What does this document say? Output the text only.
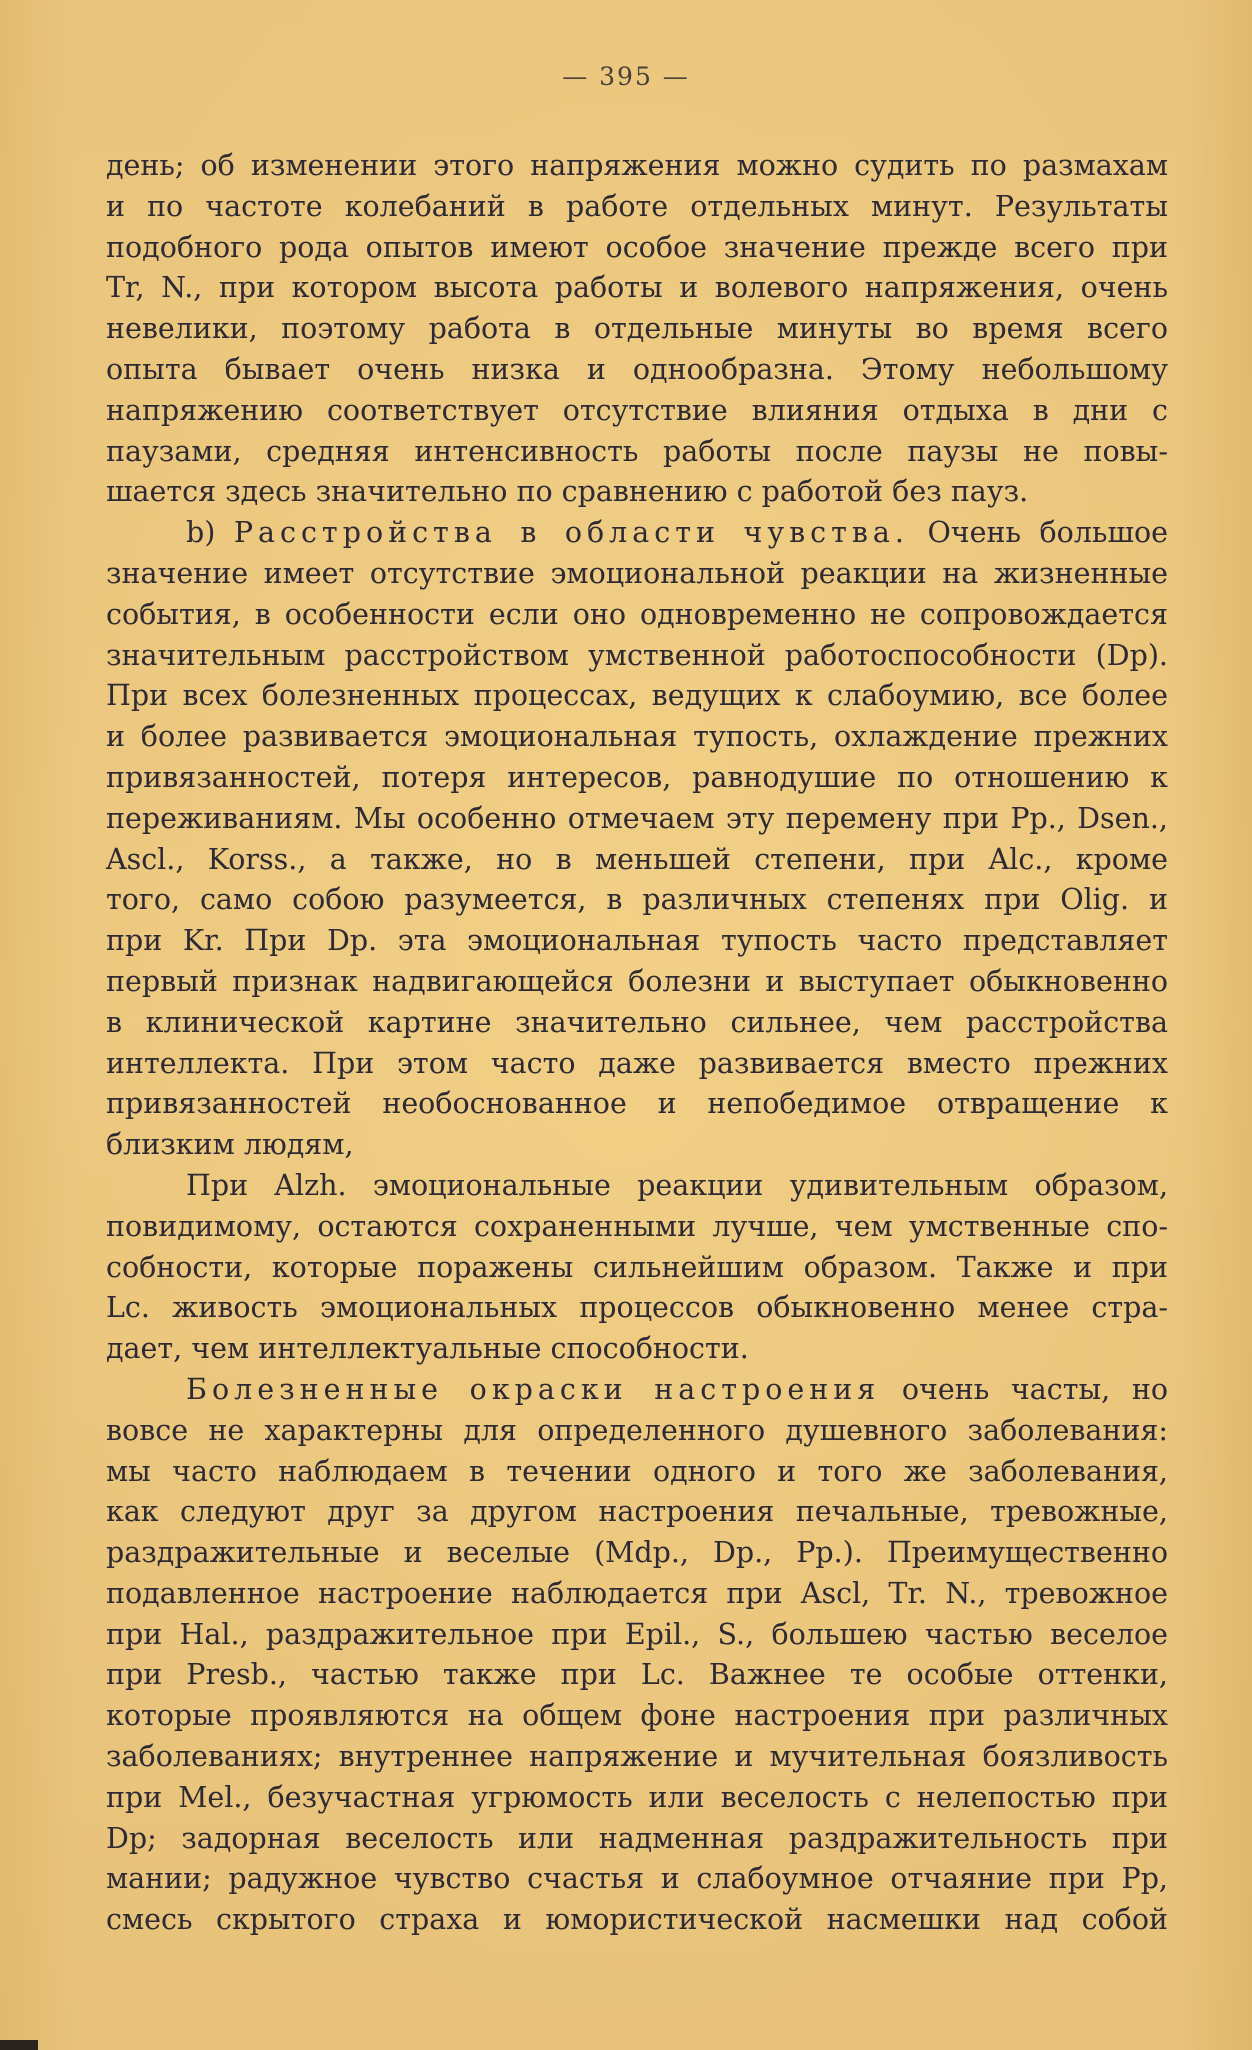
— 395 —
день; об изменении этого напряжения можно судить по размахам
и по частоте колебаний в работе отдельных минут. Результаты
подобного рода опытов имеют особое значение прежде всего при
Tr, N., при котором высота работы и волевого напряжения, очень
невелики, поэтому работа в отдельные минуты во время всего
опыта бывает очень низка и однообразна. Этому небольшому
напряжению соответствует отсутствие влияния отдыха в дни с
паузами, средняя интенсивность работы после паузы не повы-
шается здесь значительно по сравнению с работой без пауз.
b) Расстройства в области чувства. Очень большое
значение имеет отсутствие эмоциональной реакции на жизненные
события, в особенности если оно одновременно не сопровождается
значительным расстройством умственной работоспособности (Dp).
При всех болезненных процессах, ведущих к слабоумию, все более
и более развивается эмоциональная тупость, охлаждение прежних
привязанностей, потеря интересов, равнодушие по отношению к
переживаниям. Мы особенно отмечаем эту перемену при Pp., Dsen.,
Ascl., Korss., а также, но в меньшей степени, при Alc., кроме
того, само собою разумеется, в различных степенях при Olig. и
при Kr. При Dp. эта эмоциональная тупость часто представляет
первый признак надвигающейся болезни и выступает обыкновенно
в клинической картине значительно сильнее, чем расстройства
интеллекта. При этом часто даже развивается вместо прежних
привязанностей необоснованное и непобедимое отвращение к
близким людям,
При Alzh. эмоциональные реакции удивительным образом,
повидимому, остаются сохраненными лучше, чем умственные спо-
собности, которые поражены сильнейшим образом. Также и при
Lc. живость эмоциональных процессов обыкновенно менее стра-
дает, чем интеллектуальные способности.
Болезненные окраски настроения очень часты, но
вовсе не характерны для определенного душевного заболевания:
мы часто наблюдаем в течении одного и того же заболевания,
как следуют друг за другом настроения печальные, тревожные,
раздражительные и веселые (Mdp., Dp., Pp.). Преимущественно
подавленное настроение наблюдается при Ascl, Tr. N., тревожное
при Hal., раздражительное при Epil., S., большею частью веселое
при Presb., частью также при Lc. Важнее те особые оттенки,
которые проявляются на общем фоне настроения при различных
заболеваниях; внутреннее напряжение и мучительная боязливость
при Mel., безучастная угрюмость или веселость с нелепостью при
Dp; задорная веселость или надменная раздражительность при
мании; радужное чувство счастья и слабоумное отчаяние при Pp,
смесь скрытого страха и юмористической насмешки над собой
